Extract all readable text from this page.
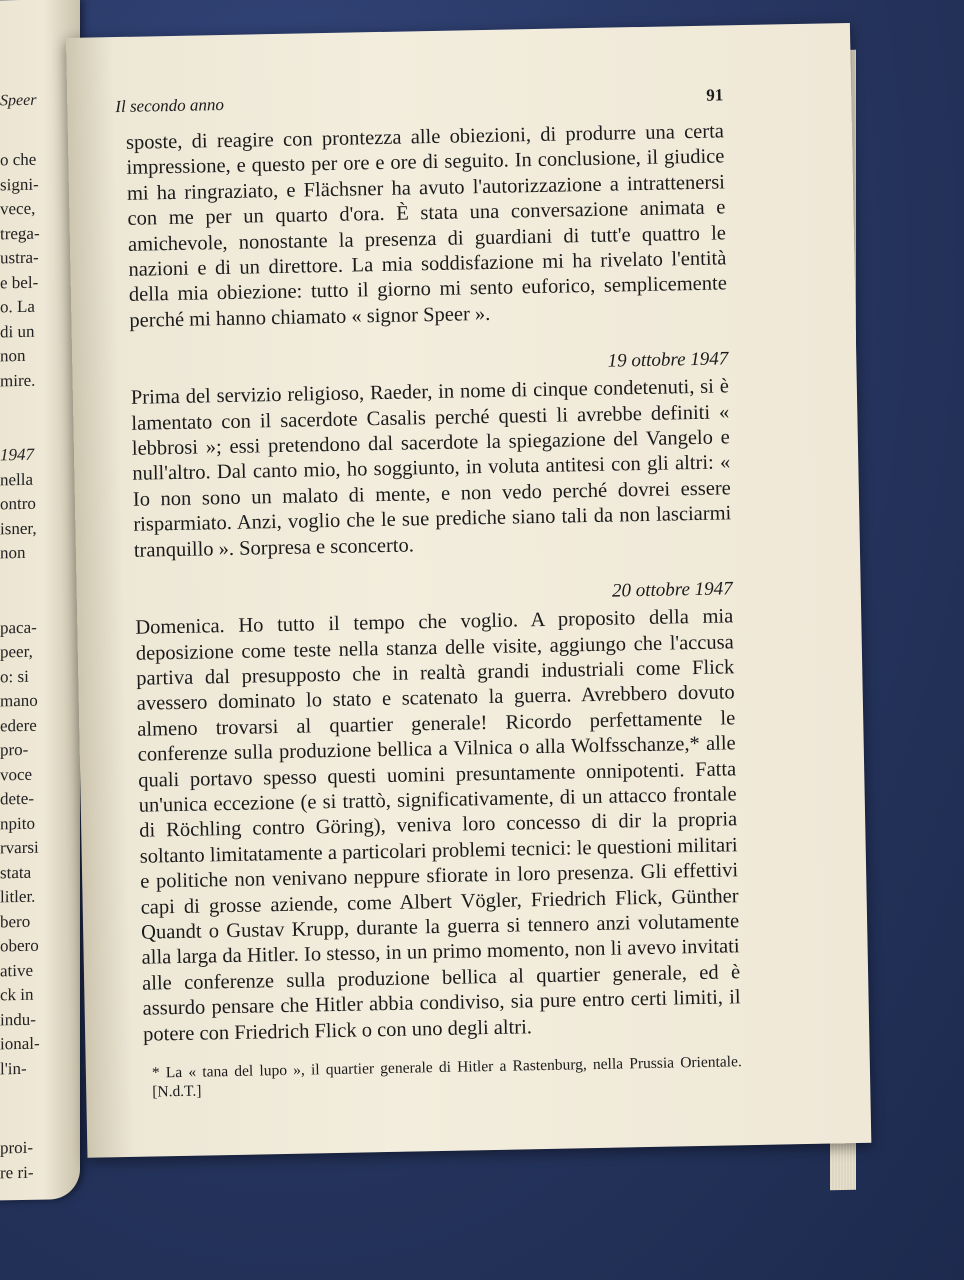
Speer
o che
signi-
vece,
trega-
ustra-
e bel-
o. La
di un
non
mire.
1947
nella
ontro
isner,
non
paca-
peer,
o: si
mano
edere
pro-
voce
dete-
npito
rvarsi
stata
litler.
bero
obero
ative
ck in
indu-
ional-
l'in-
proi-
re ri-
Il secondo anno	91

sposte, di reagire con prontezza alle obiezioni, di produrre una certa impressione, e questo per ore e ore di seguito. In conclusione, il giudice mi ha ringraziato, e Flächsner ha avuto l'autorizzazione a intrattenersi con me per un quarto d'ora. È stata una conversazione animata e amichevole, nonostante la presenza di guardiani di tutt'e quattro le nazioni e di un direttore. La mia soddisfazione mi ha rivelato l'entità della mia obiezione: tutto il giorno mi sento euforico, semplicemente perché mi hanno chiamato « signor Speer ».

19 ottobre 1947

Prima del servizio religioso, Raeder, in nome di cinque condetenuti, si è lamentato con il sacerdote Casalis perché questi li avrebbe definiti « lebbrosi »; essi pretendono dal sacerdote la spiegazione del Vangelo e null'altro. Dal canto mio, ho soggiunto, in voluta antitesi con gli altri: « Io non sono un malato di mente, e non vedo perché dovrei essere risparmiato. Anzi, voglio che le sue prediche siano tali da non lasciarmi tranquillo ». Sorpresa e sconcerto.

20 ottobre 1947

Domenica. Ho tutto il tempo che voglio. A proposito della mia deposizione come teste nella stanza delle visite, aggiungo che l'accusa partiva dal presupposto che in realtà grandi industriali come Flick avessero dominato lo stato e scatenato la guerra. Avrebbero dovuto almeno trovarsi al quartier generale! Ricordo perfettamente le conferenze sulla produzione bellica a Vilnica o alla Wolfsschanze,* alle quali portavo spesso questi uomini presuntamente onnipotenti. Fatta un'unica eccezione (e si trattò, significativamente, di un attacco frontale di Röchling contro Göring), veniva loro concesso di dir la propria soltanto limitatamente a particolari problemi tecnici: le questioni militari e politiche non venivano neppure sfiorate in loro presenza. Gli effettivi capi di grosse aziende, come Albert Vögler, Friedrich Flick, Günther Quandt o Gustav Krupp, durante la guerra si tennero anzi volutamente alla larga da Hitler. Io stesso, in un primo momento, non li avevo invitati alle conferenze sulla produzione bellica al quartier generale, ed è assurdo pensare che Hitler abbia condiviso, sia pure entro certi limiti, il potere con Friedrich Flick o con uno degli altri.

* La « tana del lupo », il quartier generale di Hitler a Rastenburg, nella Prussia Orientale. [N.d.T.]
